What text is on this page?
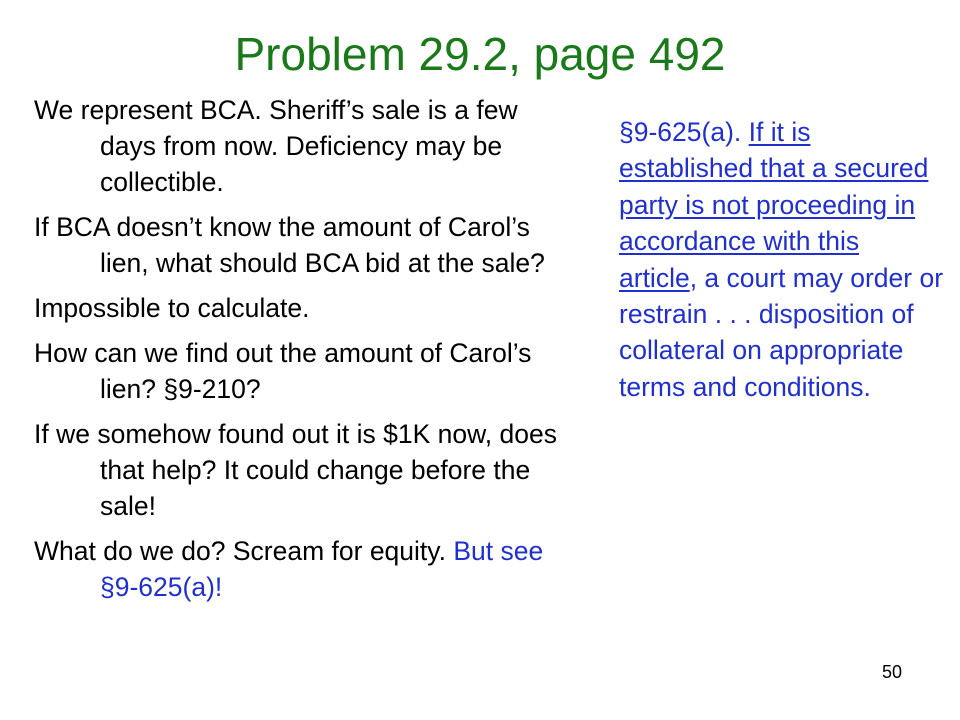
Problem 29.2, page 492

We represent BCA. Sheriff’s sale is a few days from now. Deficiency may be collectible.

If BCA doesn’t know the amount of Carol’s lien, what should BCA bid at the sale?

Impossible to calculate.

How can we find out the amount of Carol’s lien? §9-210?

If we somehow found out it is $1K now, does that help? It could change before the sale!

What do we do? Scream for equity. But see §9-625(a)!

§9-625(a). If it is established that a secured party is not proceeding in accordance with this article, a court may order or restrain . . . disposition of collateral on appropriate terms and conditions.
50
